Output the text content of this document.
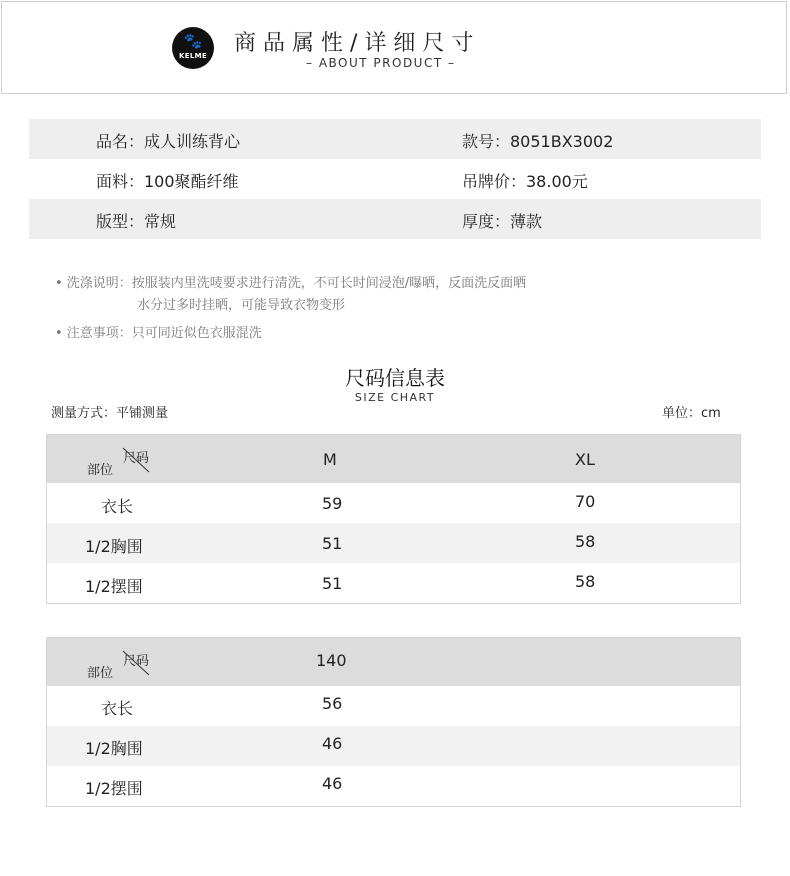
🐾
KELME	商品属性/详细尺寸
– ABOUT PRODUCT –
品名：成人训练背心	款号：8051BX3002
面料：100聚酯纤维	吊牌价：38.00元
版型：常规	厚度：薄款
• 洗涤说明：按服装内里洗唛要求进行清洗，不可长时间浸泡/曝晒，反面洗反面晒
水分过多时挂晒，可能导致衣物变形
• 注意事项：只可同近似色衣服混洗
尺码信息表
SIZE CHART
测量方式：平铺测量	单位：cm
部位
尺码	M	XL
衣长	59	70
1/2胸围	51	58
1/2摆围	51	58
部位
尺码	140
衣长	56
1/2胸围	46
1/2摆围	46
